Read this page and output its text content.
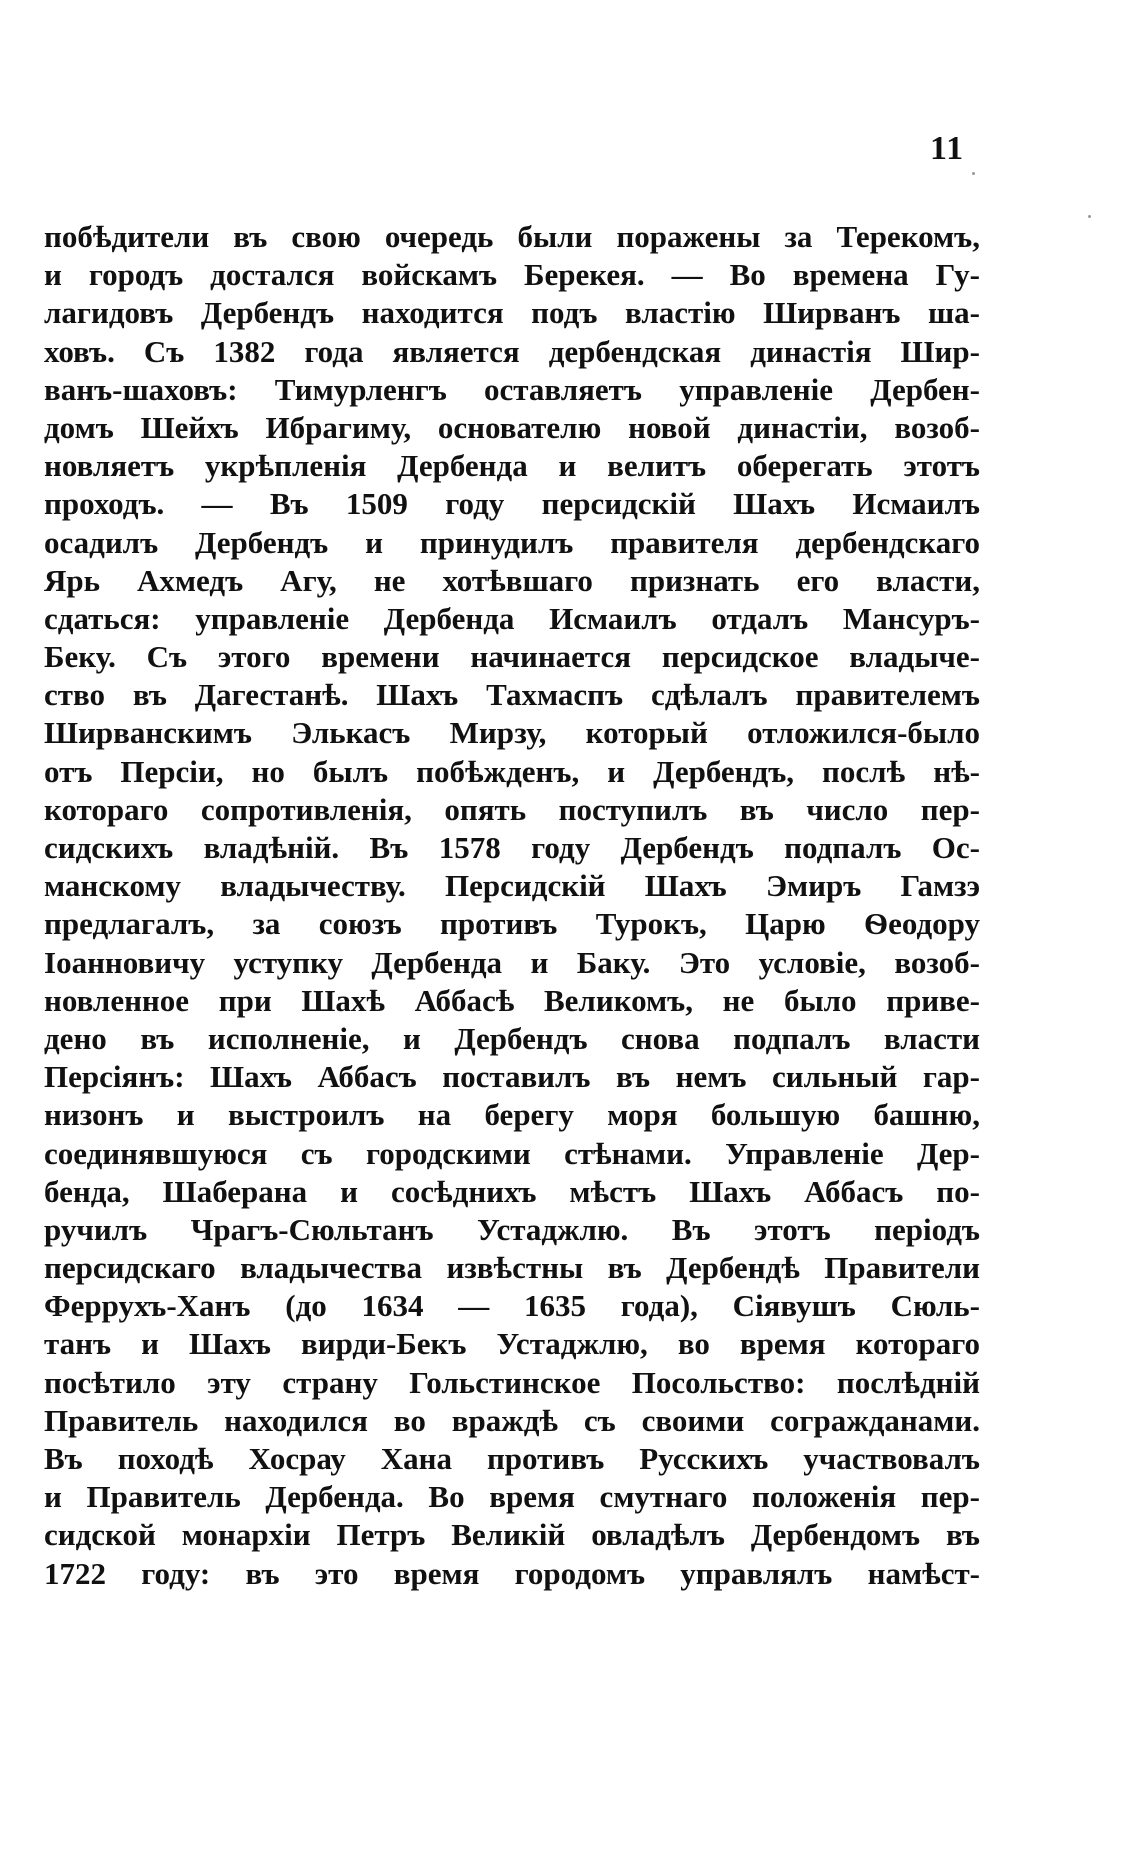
11
побѣдители въ свою очередь были поражены за Терекомъ,
и городъ достался войскамъ Берекея. — Во времена Гу-
лагидовъ Дербендъ находится подъ властію Ширванъ ша-
ховъ. Съ 1382 года является дербендская династія Шир-
ванъ-шаховъ: Тимурленгъ оставляетъ управленіе Дербен-
домъ Шейхъ Ибрагиму, основателю новой династіи, возоб-
новляетъ укрѣпленія Дербенда и велитъ оберегать этотъ
проходъ. — Въ 1509 году персидскій Шахъ Исмаилъ
осадилъ Дербендъ и принудилъ правителя дербендскаго
Ярь Ахмедъ Агу, не хотѣвшаго признать его власти,
сдаться: управленіе Дербенда Исмаилъ отдалъ Мансуръ-
Беку. Съ этого времени начинается персидское владыче-
ство въ Дагестанѣ. Шахъ Тахмаспъ сдѣлалъ правителемъ
Ширванскимъ Элькасъ Мирзу, который отложился-было
отъ Персіи, но былъ побѣжденъ, и Дербендъ, послѣ нѣ-
котораго сопротивленія, опять поступилъ въ число пер-
сидскихъ владѣній. Въ 1578 году Дербендъ подпалъ Ос-
манскому владычеству. Персидскій Шахъ Эмиръ Гамзэ
предлагалъ, за союзъ противъ Турокъ, Царю Ѳеодору
Іоанновичу уступку Дербенда и Баку. Это условіе, возоб-
новленное при Шахѣ Аббасѣ Великомъ, не было приве-
дено въ исполненіе, и Дербендъ снова подпалъ власти
Персіянъ: Шахъ Аббасъ поставилъ въ немъ сильный гар-
низонъ и выстроилъ на берегу моря большую башню,
соединявшуюся съ городскими стѣнами. Управленіе Дер-
бенда, Шаберана и сосѣднихъ мѣстъ Шахъ Аббасъ по-
ручилъ Чрагъ-Сюльтанъ Устаджлю. Въ этотъ періодъ
персидскаго владычества извѣстны въ Дербендѣ Правители
Феррухъ-Ханъ (до 1634 — 1635 года), Сіявушъ Сюль-
танъ и Шахъ вирди-Бекъ Устаджлю, во время котораго
посѣтило эту страну Гольстинское Посольство: послѣдній
Правитель находился во враждѣ съ своими согражданами.
Въ походѣ Хосрау Хана противъ Русскихъ участвовалъ
и Правитель Дербенда. Во время смутнаго положенія пер-
сидской монархіи Петръ Великій овладѣлъ Дербендомъ въ
1722 году: въ это время городомъ управлялъ намѣст-
